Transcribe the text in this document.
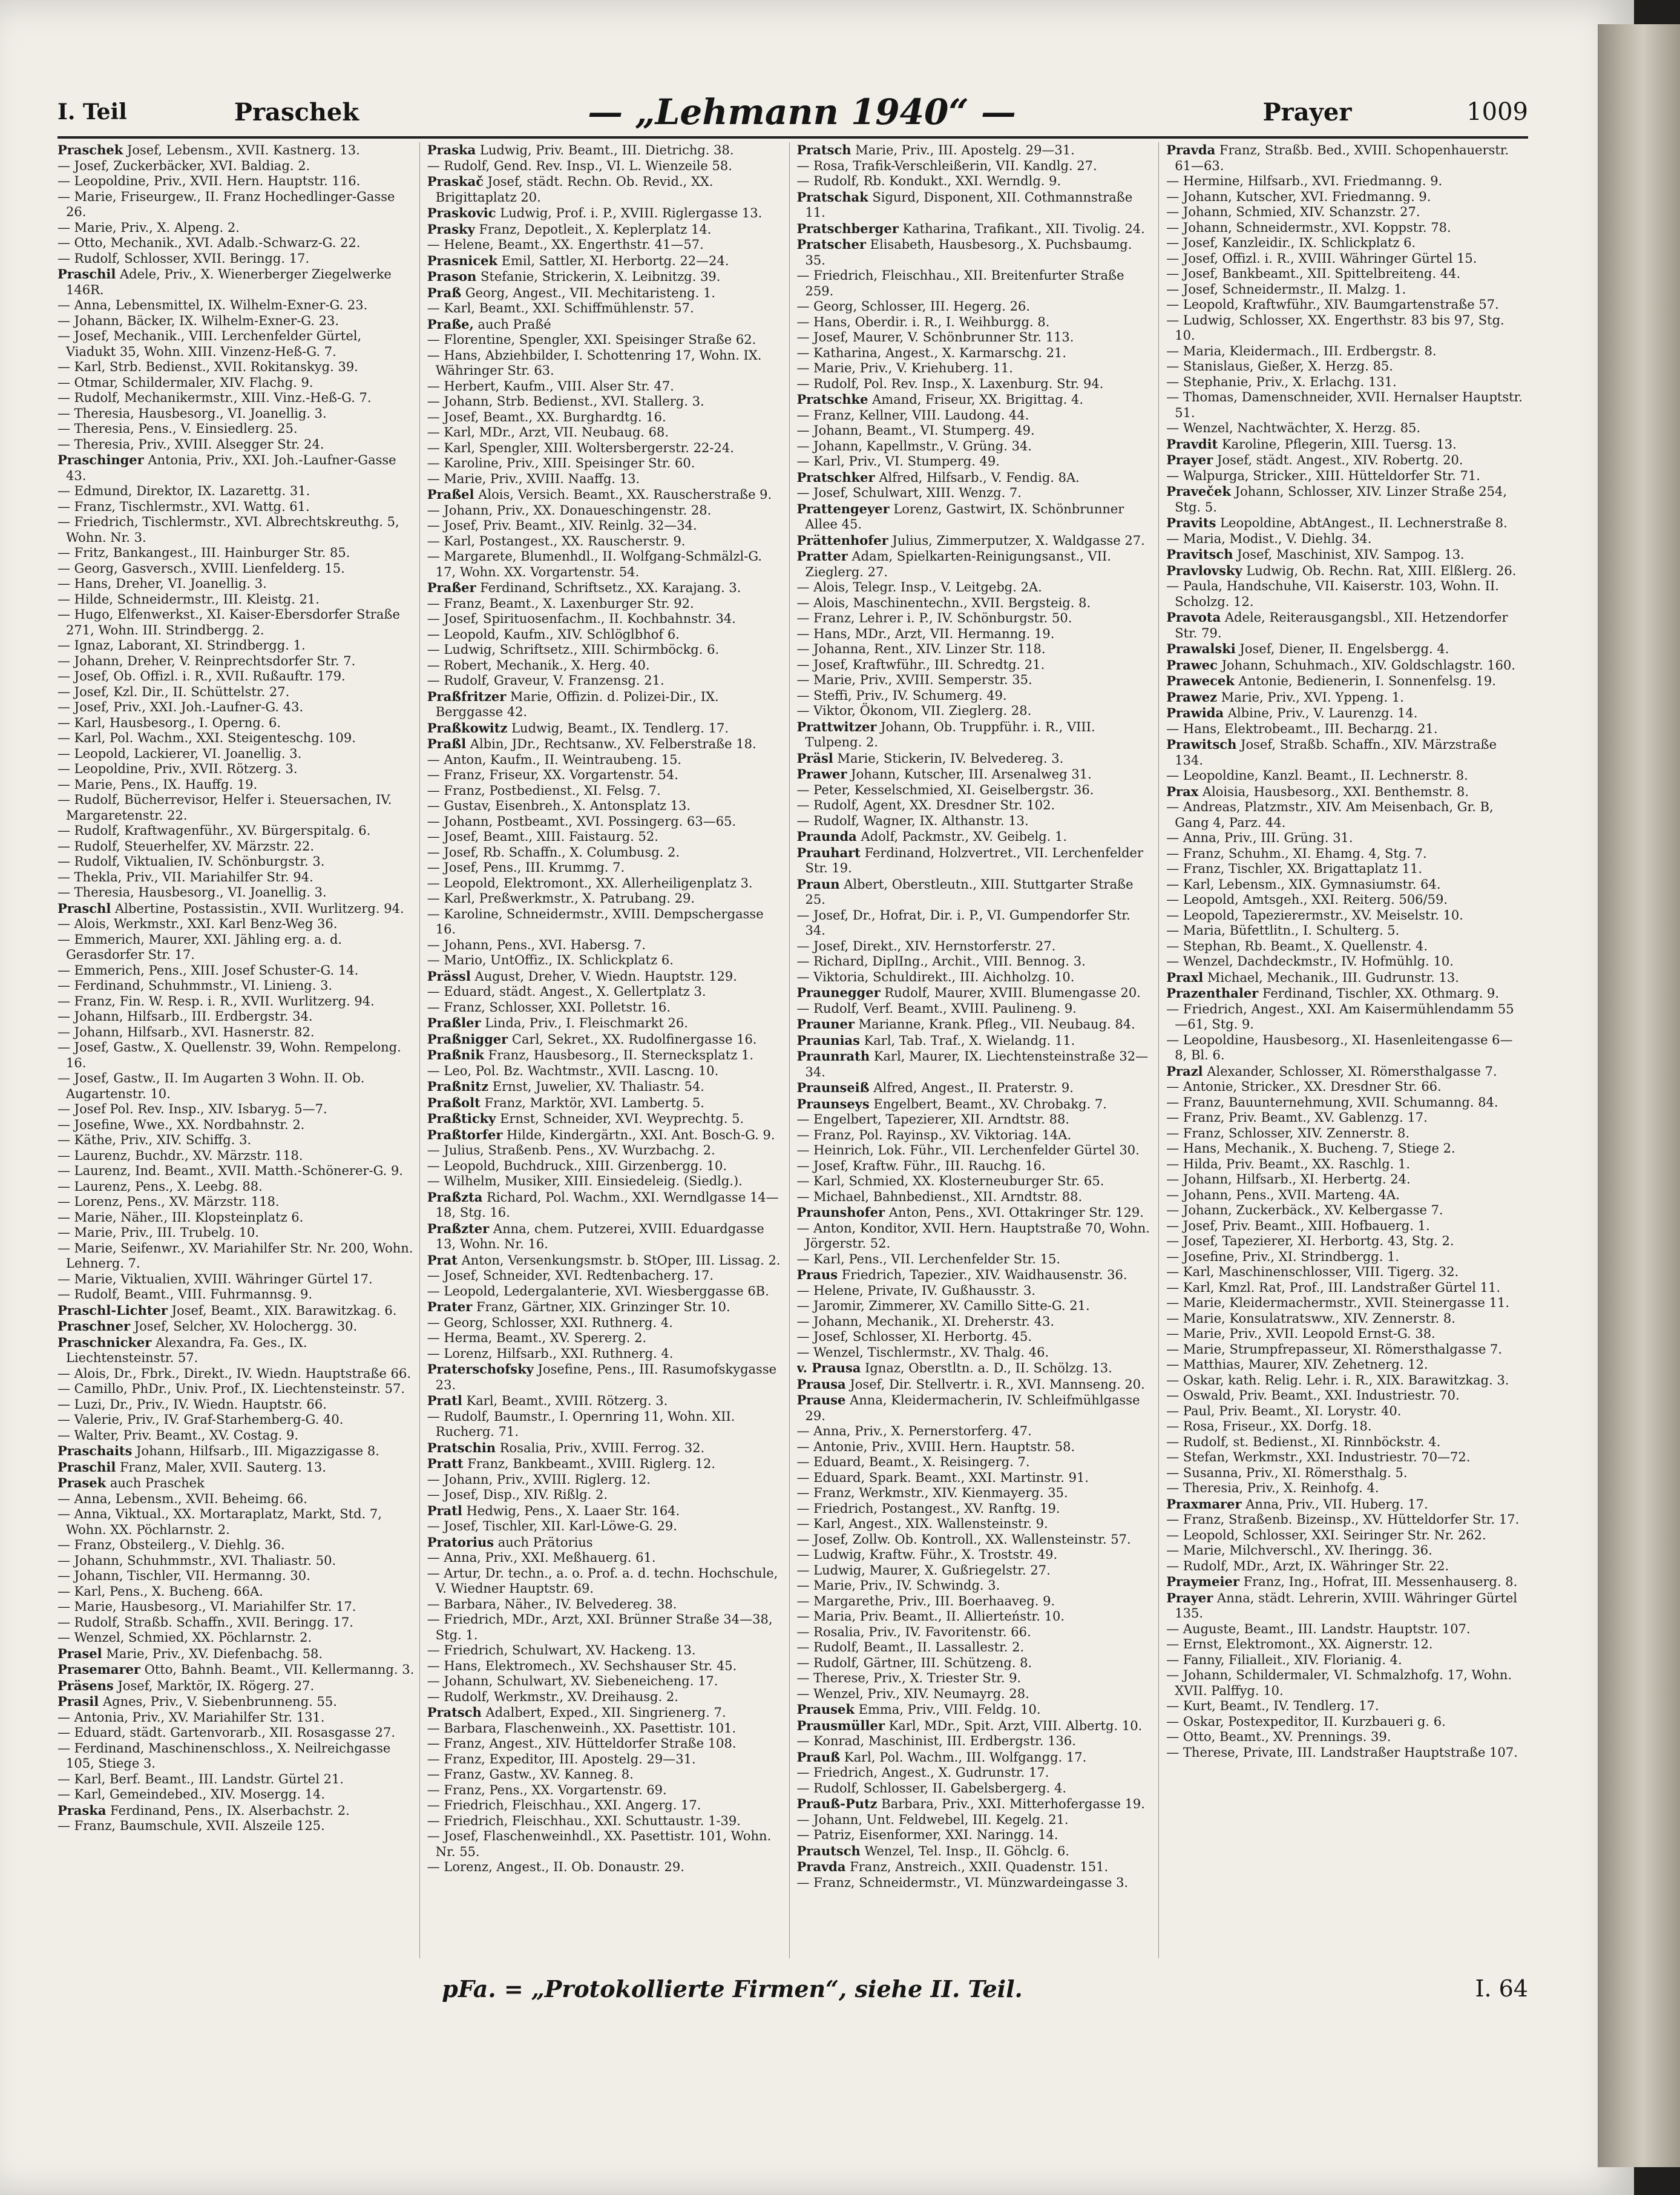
I. Teil	Praschek	— „Lehmann 1940“ —	Prayer	1009
Praschek Josef, Lebensm., XVII. Kastnerg. 13.
— Josef, Zuckerbäcker, XVI. Baldiag. 2.
— Leopoldine, Priv., XVII. Hern. Hauptstr. 116.
— Marie, Friseurgew., II. Franz Hochedlinger-Gasse 26.
— Marie, Priv., X. Alpeng. 2.
— Otto, Mechanik., XVI. Adalb.-Schwarz-G. 22.
— Rudolf, Schlosser, XVII. Beringg. 17.
Praschil Adele, Priv., X. Wienerberger Ziegelwerke 146R.
— Anna, Lebensmittel, IX. Wilhelm-Exner-G. 23.
— Johann, Bäcker, IX. Wilhelm-Exner-G. 23.
— Josef, Mechanik., VIII. Lerchenfelder Gürtel, Viadukt 35, Wohn. XIII. Vinzenz-Heß-G. 7.
— Karl, Strb. Bedienst., XVII. Rokitanskyg. 39.
— Otmar, Schildermaler, XIV. Flachg. 9.
— Rudolf, Mechanikermstr., XIII. Vinz.-Heß-G. 7.
— Theresia, Hausbesorg., VI. Joanellig. 3.
— Theresia, Pens., V. Einsiedlerg. 25.
— Theresia, Priv., XVIII. Alsegger Str. 24.
Praschinger Antonia, Priv., XXI. Joh.-Laufner-Gasse 43.
— Edmund, Direktor, IX. Lazarettg. 31.
— Franz, Tischlermstr., XVI. Wattg. 61.
— Friedrich, Tischlermstr., XVI. Albrechtskreuthg. 5, Wohn. Nr. 3.
— Fritz, Bankangest., III. Hainburger Str. 85.
— Georg, Gasversch., XVIII. Lienfelderg. 15.
— Hans, Dreher, VI. Joanellig. 3.
— Hilde, Schneidermstr., III. Kleistg. 21.
— Hugo, Elfenwerkst., XI. Kaiser-Ebersdorfer Straße 271, Wohn. III. Strindbergg. 2.
— Ignaz, Laborant, XI. Strindbergg. 1.
— Johann, Dreher, V. Reinprechtsdorfer Str. 7.
— Josef, Ob. Offizl. i. R., XVII. Rußauftr. 179.
— Josef, Kzl. Dir., II. Schüttelstr. 27.
— Josef, Priv., XXI. Joh.-Laufner-G. 43.
— Karl, Hausbesorg., I. Operng. 6.
— Karl, Pol. Wachm., XXI. Steigenteschg. 109.
— Leopold, Lackierer, VI. Joanellig. 3.
— Leopoldine, Priv., XVII. Rötzerg. 3.
— Marie, Pens., IX. Hauffg. 19.
— Rudolf, Bücherrevisor, Helfer i. Steuersachen, IV. Margaretenstr. 22.
— Rudolf, Kraftwagenführ., XV. Bürgerspitalg. 6.
— Rudolf, Steuerhelfer, XV. Märzstr. 22.
— Rudolf, Viktualien, IV. Schönburgstr. 3.
— Thekla, Priv., VII. Mariahilfer Str. 94.
— Theresia, Hausbesorg., VI. Joanellig. 3.
Praschl Albertine, Postassistin., XVII. Wurlitzerg. 94.
— Alois, Werkmstr., XXI. Karl Benz-Weg 36.
— Emmerich, Maurer, XXI. Jähling erg. a. d. Gerasdorfer Str. 17.
— Emmerich, Pens., XIII. Josef Schuster-G. 14.
— Ferdinand, Schuhmmstr., VI. Linieng. 3.
— Franz, Fin. W. Resp. i. R., XVII. Wurlitzerg. 94.
— Johann, Hilfsarb., III. Erdbergstr. 34.
— Johann, Hilfsarb., XVI. Hasnerstr. 82.
— Josef, Gastw., X. Quellenstr. 39, Wohn. Rempelong. 16.
— Josef, Gastw., II. Im Augarten 3 Wohn. II. Ob. Augartenstr. 10.
— Josef Pol. Rev. Insp., XIV. Isbaryg. 5—7.
— Josefine, Wwe., XX. Nordbahnstr. 2.
— Käthe, Priv., XIV. Schiffg. 3.
— Laurenz, Buchdr., XV. Märzstr. 118.
— Laurenz, Ind. Beamt., XVII. Matth.-Schönerer-G. 9.
— Laurenz, Pens., X. Leebg. 88.
— Lorenz, Pens., XV. Märzstr. 118.
— Marie, Näher., III. Klopsteinplatz 6.
— Marie, Priv., III. Trubelg. 10.
— Marie, Seifenwr., XV. Mariahilfer Str. Nr. 200, Wohn. Lehnerg. 7.
— Marie, Viktualien, XVIII. Währinger Gürtel 17.
— Rudolf, Beamt., VIII. Fuhrmannsg. 9.
Praschl-Lichter Josef, Beamt., XIX. Barawitzkag. 6.
Praschner Josef, Selcher, XV. Holochergg. 30.
Praschnicker Alexandra, Fa. Ges., IX. Liechtensteinstr. 57.
— Alois, Dr., Fbrk., Direkt., IV. Wiedn. Hauptstraße 66.
— Camillo, PhDr., Univ. Prof., IX. Liechtensteinstr. 57.
— Luzi, Dr., Priv., IV. Wiedn. Hauptstr. 66.
— Valerie, Priv., IV. Graf-Starhemberg-G. 40.
— Walter, Priv. Beamt., XV. Costag. 9.
Praschaits Johann, Hilfsarb., III. Migazzigasse 8.
Praschil Franz, Maler, XVII. Sauterg. 13.
Prasek auch Praschek
— Anna, Lebensm., XVII. Beheimg. 66.
— Anna, Viktual., XX. Mortaraplatz, Markt, Std. 7, Wohn. XX. Pöchlarnstr. 2.
— Franz, Obsteilerg., V. Diehlg. 36.
— Johann, Schuhmmstr., XVI. Thaliastr. 50.
— Johann, Tischler, VII. Hermanng. 30.
— Karl, Pens., X. Bucheng. 66A.
— Marie, Hausbesorg., VI. Mariahilfer Str. 17.
— Rudolf, Straßb. Schaffn., XVII. Beringg. 17.
— Wenzel, Schmied, XX. Pöchlarnstr. 2.
Prasel Marie, Priv., XV. Diefenbachg. 58.
Prasemarer Otto, Bahnh. Beamt., VII. Kellermanng. 3.
Präsens Josef, Marktör, IX. Rögerg. 27.
Prasil Agnes, Priv., V. Siebenbrunneng. 55.
— Antonia, Priv., XV. Mariahilfer Str. 131.
— Eduard, städt. Gartenvorarb., XII. Rosasgasse 27.
— Ferdinand, Maschinenschloss., X. Neilreichgasse 105, Stiege 3.
— Karl, Berf. Beamt., III. Landstr. Gürtel 21.
— Karl, Gemeindebed., XIV. Mosergg. 14.
Praska Ferdinand, Pens., IX. Alserbachstr. 2.
— Franz, Baumschule, XVII. Alszeile 125.
Praska Ludwig, Priv. Beamt., III. Dietrichg. 38.
— Rudolf, Gend. Rev. Insp., VI. L. Wienzeile 58.
Praskač Josef, städt. Rechn. Ob. Revid., XX. Brigittaplatz 20.
Praskovic Ludwig, Prof. i. P., XVIII. Riglergasse 13.
Prasky Franz, Depotleit., X. Keplerplatz 14.
— Helene, Beamt., XX. Engerthstr. 41—57.
Prasnicek Emil, Sattler, XI. Herbortg. 22—24.
Prason Stefanie, Strickerin, X. Leibnitzg. 39.
Praß Georg, Angest., VII. Mechitaristeng. 1.
— Karl, Beamt., XXI. Schiffmühlenstr. 57.
Praße, auch Praßé
— Florentine, Spengler, XXI. Speisinger Straße 62.
— Hans, Abziehbilder, I. Schottenring 17, Wohn. IX. Währinger Str. 63.
— Herbert, Kaufm., VIII. Alser Str. 47.
— Johann, Strb. Bedienst., XVI. Stallerg. 3.
— Josef, Beamt., XX. Burghardtg. 16.
— Karl, MDr., Arzt, VII. Neubaug. 68.
— Karl, Spengler, XIII. Woltersbergerstr. 22-24.
— Karoline, Priv., XIII. Speisinger Str. 60.
— Marie, Priv., XVIII. Naaffg. 13.
Praßel Alois, Versich. Beamt., XX. Rauscherstraße 9.
— Johann, Priv., XX. Donaueschingenstr. 28.
— Josef, Priv. Beamt., XIV. Reinlg. 32—34.
— Karl, Postangest., XX. Rauscherstr. 9.
— Margarete, Blumenhdl., II. Wolfgang-Schmälzl-G. 17, Wohn. XX. Vorgartenstr. 54.
Praßer Ferdinand, Schriftsetz., XX. Karajang. 3.
— Franz, Beamt., X. Laxenburger Str. 92.
— Josef, Spirituosenfachm., II. Kochbahnstr. 34.
— Leopold, Kaufm., XIV. Schlöglbhof 6.
— Ludwig, Schriftsetz., XIII. Schirmböckg. 6.
— Robert, Mechanik., X. Herg. 40.
— Rudolf, Graveur, V. Franzensg. 21.
Praßfritzer Marie, Offizin. d. Polizei-Dir., IX. Berggasse 42.
Praßkowitz Ludwig, Beamt., IX. Tendlerg. 17.
Praßl Albin, JDr., Rechtsanw., XV. Felberstraße 18.
— Anton, Kaufm., II. Weintraubeng. 15.
— Franz, Friseur, XX. Vorgartenstr. 54.
— Franz, Postbedienst., XI. Felsg. 7.
— Gustav, Eisenbreh., X. Antonsplatz 13.
— Johann, Postbeamt., XVI. Possingerg. 63—65.
— Josef, Beamt., XIII. Faistaurg. 52.
— Josef, Rb. Schaffn., X. Columbusg. 2.
— Josef, Pens., III. Krummg. 7.
— Leopold, Elektromont., XX. Allerheiligenplatz 3.
— Karl, Preßwerkmstr., X. Patrubang. 29.
— Karoline, Schneidermstr., XVIII. Dempschergasse 16.
— Johann, Pens., XVI. Habersg. 7.
— Mario, UntOffiz., IX. Schlickplatz 6.
Prässl August, Dreher, V. Wiedn. Hauptstr. 129.
— Eduard, städt. Angest., X. Gellertplatz 3.
— Franz, Schlosser, XXI. Polletstr. 16.
Praßler Linda, Priv., I. Fleischmarkt 26.
Praßnigger Carl, Sekret., XX. Rudolfinergasse 16.
Praßnik Franz, Hausbesorg., II. Sternecksplatz 1.
— Leo, Pol. Bz. Wachtmstr., XVII. Lascng. 10.
Praßnitz Ernst, Juwelier, XV. Thaliastr. 54.
Praßolt Franz, Marktör, XVI. Lambertg. 5.
Praßticky Ernst, Schneider, XVI. Weyprechtg. 5.
Praßtorfer Hilde, Kindergärtn., XXI. Ant. Bosch-G. 9.
— Julius, Straßenb. Pens., XV. Wurzbachg. 2.
— Leopold, Buchdruck., XIII. Girzenbergg. 10.
— Wilhelm, Musiker, XIII. Einsiedeleig. (Siedlg.).
Praßzta Richard, Pol. Wachm., XXI. Werndlgasse 14—18, Stg. 16.
Praßzter Anna, chem. Putzerei, XVIII. Eduardgasse 13, Wohn. Nr. 16.
Prat Anton, Versenkungsmstr. b. StOper, III. Lissag. 2.
— Josef, Schneider, XVI. Redtenbacherg. 17.
— Leopold, Ledergalanterie, XVI. Wiesberggasse 6B.
Prater Franz, Gärtner, XIX. Grinzinger Str. 10.
— Georg, Schlosser, XXI. Ruthnerg. 4.
— Herma, Beamt., XV. Spererg. 2.
— Lorenz, Hilfsarb., XXI. Ruthnerg. 4.
Praterschofsky Josefine, Pens., III. Rasumofskygasse 23.
Pratl Karl, Beamt., XVIII. Rötzerg. 3.
— Rudolf, Baumstr., I. Opernring 11, Wohn. XII. Rucherg. 71.
Pratschin Rosalia, Priv., XVIII. Ferrog. 32.
Pratt Franz, Bankbeamt., XVIII. Riglerg. 12.
— Johann, Priv., XVIII. Riglerg. 12.
— Josef, Disp., XIV. Rißlg. 2.
Pratl Hedwig, Pens., X. Laaer Str. 164.
— Josef, Tischler, XII. Karl-Löwe-G. 29.
Pratorius auch Prätorius
— Anna, Priv., XXI. Meßhauerg. 61.
— Artur, Dr. techn., a. o. Prof. a. d. techn. Hochschule, V. Wiedner Hauptstr. 69.
— Barbara, Näher., IV. Belvedereg. 38.
— Friedrich, MDr., Arzt, XXI. Brünner Straße 34—38, Stg. 1.
— Friedrich, Schulwart, XV. Hackeng. 13.
— Hans, Elektromech., XV. Sechshauser Str. 45.
— Johann, Schulwart, XV. Siebeneicheng. 17.
— Rudolf, Werkmstr., XV. Dreihausg. 2.
Pratsch Adalbert, Exped., XII. Singrienerg. 7.
— Barbara, Flaschenweinh., XX. Pasettistr. 101.
— Franz, Angest., XIV. Hütteldorfer Straße 108.
— Franz, Expeditor, III. Apostelg. 29—31.
— Franz, Gastw., XV. Kanneg. 8.
— Franz, Pens., XX. Vorgartenstr. 69.
— Friedrich, Fleischhau., XXI. Angerg. 17.
— Friedrich, Fleischhau., XXI. Schuttaustr. 1-39.
— Josef, Flaschenweinhdl., XX. Pasettistr. 101, Wohn. Nr. 55.
— Lorenz, Angest., II. Ob. Donaustr. 29.
Pratsch Marie, Priv., III. Apostelg. 29—31.
— Rosa, Trafik-Verschleißerin, VII. Kandlg. 27.
— Rudolf, Rb. Kondukt., XXI. Werndlg. 9.
Pratschak Sigurd, Disponent, XII. Cothmannstraße 11.
Pratschberger Katharina, Trafikant., XII. Tivolig. 24.
Pratscher Elisabeth, Hausbesorg., X. Puchsbaumg. 35.
— Friedrich, Fleischhau., XII. Breitenfurter Straße 259.
— Georg, Schlosser, III. Hegerg. 26.
— Hans, Oberdir. i. R., I. Weihburgg. 8.
— Josef, Maurer, V. Schönbrunner Str. 113.
— Katharina, Angest., X. Karmarschg. 21.
— Marie, Priv., V. Kriehuberg. 11.
— Rudolf, Pol. Rev. Insp., X. Laxenburg. Str. 94.
Pratschke Amand, Friseur, XX. Brigittag. 4.
— Franz, Kellner, VIII. Laudong. 44.
— Johann, Beamt., VI. Stumperg. 49.
— Johann, Kapellmstr., V. Grüng. 34.
— Karl, Priv., VI. Stumperg. 49.
Pratschker Alfred, Hilfsarb., V. Fendig. 8A.
— Josef, Schulwart, XIII. Wenzg. 7.
Prattengeyer Lorenz, Gastwirt, IX. Schönbrunner Allee 45.
Prättenhofer Julius, Zimmerputzer, X. Waldgasse 27.
Pratter Adam, Spielkarten-Reinigungsanst., VII. Zieglerg. 27.
— Alois, Telegr. Insp., V. Leitgebg. 2A.
— Alois, Maschinentechn., XVII. Bergsteig. 8.
— Franz, Lehrer i. P., IV. Schönburgstr. 50.
— Hans, MDr., Arzt, VII. Hermanng. 19.
— Johanna, Rent., XIV. Linzer Str. 118.
— Josef, Kraftwführ., III. Schredtg. 21.
— Marie, Priv., XVIII. Semperstr. 35.
— Steffi, Priv., IV. Schumerg. 49.
— Viktor, Ökonom, VII. Zieglerg. 28.
Prattwitzer Johann, Ob. Truppführ. i. R., VIII. Tulpeng. 2.
Präsl Marie, Stickerin, IV. Belvedereg. 3.
Prawer Johann, Kutscher, III. Arsenalweg 31.
— Peter, Kesselschmied, XI. Geiselbergstr. 36.
— Rudolf, Agent, XX. Dresdner Str. 102.
— Rudolf, Wagner, IX. Althanstr. 13.
Praunda Adolf, Packmstr., XV. Geibelg. 1.
Prauhart Ferdinand, Holzvertret., VII. Lerchenfelder Str. 19.
Praun Albert, Oberstleutn., XIII. Stuttgarter Straße 25.
— Josef, Dr., Hofrat, Dir. i. P., VI. Gumpendorfer Str. 34.
— Josef, Direkt., XIV. Hernstorferstr. 27.
— Richard, DiplIng., Archit., VIII. Bennog. 3.
— Viktoria, Schuldirekt., III. Aichholzg. 10.
Praunegger Rudolf, Maurer, XVIII. Blumengasse 20.
— Rudolf, Verf. Beamt., XVIII. Paulineng. 9.
Prauner Marianne, Krank. Pfleg., VII. Neubaug. 84.
Praunias Karl, Tab. Traf., X. Wielandg. 11.
Praunrath Karl, Maurer, IX. Liechtensteinstraße 32—34.
Praunseiß Alfred, Angest., II. Praterstr. 9.
Praunseys Engelbert, Beamt., XV. Chrobakg. 7.
— Engelbert, Tapezierer, XII. Arndtstr. 88.
— Franz, Pol. Rayinsp., XV. Viktoriag. 14A.
— Heinrich, Lok. Führ., VII. Lerchenfelder Gürtel 30.
— Josef, Kraftw. Führ., III. Rauchg. 16.
— Karl, Schmied, XX. Klosterneuburger Str. 65.
— Michael, Bahnbedienst., XII. Arndtstr. 88.
Praunshofer Anton, Pens., XVI. Ottakringer Str. 129.
— Anton, Konditor, XVII. Hern. Hauptstraße 70, Wohn. Jörgerstr. 52.
— Karl, Pens., VII. Lerchenfelder Str. 15.
Praus Friedrich, Tapezier., XIV. Waidhausenstr. 36.
— Helene, Private, IV. Gußhausstr. 3.
— Jaromir, Zimmerer, XV. Camillo Sitte-G. 21.
— Johann, Mechanik., XI. Dreherstr. 43.
— Josef, Schlosser, XI. Herbortg. 45.
— Wenzel, Tischlermstr., XV. Thalg. 46.
v. Prausa Ignaz, Oberstltn. a. D., II. Schölzg. 13.
Prausa Josef, Dir. Stellvertr. i. R., XVI. Mannseng. 20.
Prause Anna, Kleidermacherin, IV. Schleifmühlgasse 29.
— Anna, Priv., X. Pernerstorferg. 47.
— Antonie, Priv., XVIII. Hern. Hauptstr. 58.
— Eduard, Beamt., X. Reisingerg. 7.
— Eduard, Spark. Beamt., XXI. Martinstr. 91.
— Franz, Werkmstr., XIV. Kienmayerg. 35.
— Friedrich, Postangest., XV. Ranftg. 19.
— Karl, Angest., XIX. Wallensteinstr. 9.
— Josef, Zollw. Ob. Kontroll., XX. Wallensteinstr. 57.
— Ludwig, Kraftw. Führ., X. Troststr. 49.
— Ludwig, Maurer, X. Gußriegelstr. 27.
— Marie, Priv., IV. Schwindg. 3.
— Margarethe, Priv., III. Boerhaaveg. 9.
— Maria, Priv. Beamt., II. Allierteństr. 10.
— Rosalia, Priv., IV. Favoritenstr. 66.
— Rudolf, Beamt., II. Lassallestr. 2.
— Rudolf, Gärtner, III. Schützeng. 8.
— Therese, Priv., X. Triester Str. 9.
— Wenzel, Priv., XIV. Neumayrg. 28.
Prausek Emma, Priv., VIII. Feldg. 10.
Prausmüller Karl, MDr., Spit. Arzt, VIII. Albertg. 10.
— Konrad, Maschinist, III. Erdbergstr. 136.
Prauß Karl, Pol. Wachm., III. Wolfgangg. 17.
— Friedrich, Angest., X. Gudrunstr. 17.
— Rudolf, Schlosser, II. Gabelsbergerg. 4.
Prauß-Putz Barbara, Priv., XXI. Mitterhofergasse 19.
— Johann, Unt. Feldwebel, III. Kegelg. 21.
— Patriz, Eisenformer, XXI. Naringg. 14.
Prautsch Wenzel, Tel. Insp., II. Göhclg. 6.
Pravda Franz, Anstreich., XXII. Quadenstr. 151.
— Franz, Schneidermstr., VI. Münzwardeingasse 3.
Pravda Franz, Straßb. Bed., XVIII. Schopenhauerstr. 61—63.
— Hermine, Hilfsarb., XVI. Friedmanng. 9.
— Johann, Kutscher, XVI. Friedmanng. 9.
— Johann, Schmied, XIV. Schanzstr. 27.
— Johann, Schneidermstr., XVI. Koppstr. 78.
— Josef, Kanzleidir., IX. Schlickplatz 6.
— Josef, Offizl. i. R., XVIII. Währinger Gürtel 15.
— Josef, Bankbeamt., XII. Spittelbreiteng. 44.
— Josef, Schneidermstr., II. Malzg. 1.
— Leopold, Kraftwführ., XIV. Baumgartenstraße 57.
— Ludwig, Schlosser, XX. Engerthstr. 83 bis 97, Stg. 10.
— Maria, Kleidermach., III. Erdbergstr. 8.
— Stanislaus, Gießer, X. Herzg. 85.
— Stephanie, Priv., X. Erlachg. 131.
— Thomas, Damenschneider, XVII. Hernalser Hauptstr. 51.
— Wenzel, Nachtwächter, X. Herzg. 85.
Pravdit Karoline, Pflegerin, XIII. Tuersg. 13.
Prayer Josef, städt. Angest., XIV. Robertg. 20.
— Walpurga, Stricker., XIII. Hütteldorfer Str. 71.
Praveček Johann, Schlosser, XIV. Linzer Straße 254, Stg. 5.
Pravits Leopoldine, AbtAngest., II. Lechnerstraße 8.
— Maria, Modist., V. Diehlg. 34.
Pravitsch Josef, Maschinist, XIV. Sampog. 13.
Pravlovsky Ludwig, Ob. Rechn. Rat, XIII. Elßlerg. 26.
— Paula, Handschuhe, VII. Kaiserstr. 103, Wohn. II. Scholzg. 12.
Pravota Adele, Reiterausgangsbl., XII. Hetzendorfer Str. 79.
Prawalski Josef, Diener, II. Engelsbergg. 4.
Prawec Johann, Schuhmach., XIV. Goldschlagstr. 160.
Prawecek Antonie, Bedienerin, I. Sonnenfelsg. 19.
Prawez Marie, Priv., XVI. Yppeng. 1.
Prawida Albine, Priv., V. Laurenzg. 14.
— Hans, Elektrobeamt., III. Becharдg. 21.
Prawitsch Josef, Straßb. Schaffn., XIV. Märzstraße 134.
— Leopoldine, Kanzl. Beamt., II. Lechnerstr. 8.
Prax Aloisia, Hausbesorg., XXI. Benthemstr. 8.
— Andreas, Platzmstr., XIV. Am Meisenbach, Gr. B, Gang 4, Parz. 44.
— Anna, Priv., III. Grüng. 31.
— Franz, Schuhm., XI. Ehamg. 4, Stg. 7.
— Franz, Tischler, XX. Brigattaplatz 11.
— Karl, Lebensm., XIX. Gymnasiumstr. 64.
— Leopold, Amtsgeh., XXI. Reiterg. 506/59.
— Leopold, Tapezierermstr., XV. Meiselstr. 10.
— Maria, Büfettlitn., I. Schulterg. 5.
— Stephan, Rb. Beamt., X. Quellenstr. 4.
— Wenzel, Dachdeckmstr., IV. Hofmühlg. 10.
Praxl Michael, Mechanik., III. Gudrunstr. 13.
Prazenthaler Ferdinand, Tischler, XX. Othmarg. 9.
— Friedrich, Angest., XXI. Am Kaisermühlendamm 55—61, Stg. 9.
— Leopoldine, Hausbesorg., XI. Hasenleitengasse 6—8, Bl. 6.
Prazl Alexander, Schlosser, XI. Römersthalgasse 7.
— Antonie, Stricker., XX. Dresdner Str. 66.
— Franz, Bauunternehmung, XVII. Schumanng. 84.
— Franz, Priv. Beamt., XV. Gablenzg. 17.
— Franz, Schlosser, XIV. Zennerstr. 8.
— Hans, Mechanik., X. Bucheng. 7, Stiege 2.
— Hilda, Priv. Beamt., XX. Raschlg. 1.
— Johann, Hilfsarb., XI. Herbertg. 24.
— Johann, Pens., XVII. Marteng. 4A.
— Johann, Zuckerbäck., XV. Kelbergasse 7.
— Josef, Priv. Beamt., XIII. Hofbauerg. 1.
— Josef, Tapezierer, XI. Herbortg. 43, Stg. 2.
— Josefine, Priv., XI. Strindbergg. 1.
— Karl, Maschinenschlosser, VIII. Tigerg. 32.
— Karl, Kmzl. Rat, Prof., III. Landstraßer Gürtel 11.
— Marie, Kleidermachermstr., XVII. Steinergasse 11.
— Marie, Konsulatratsww., XIV. Zennerstr. 8.
— Marie, Priv., XVII. Leopold Ernst-G. 38.
— Marie, Strumpfrepasseur, XI. Römersthalgasse 7.
— Matthias, Maurer, XIV. Zehetnerg. 12.
— Oskar, kath. Relig. Lehr. i. R., XIX. Barawitzkag. 3.
— Oswald, Priv. Beamt., XXI. Industriestr. 70.
— Paul, Priv. Beamt., XI. Lorystr. 40.
— Rosa, Friseur., XX. Dorfg. 18.
— Rudolf, st. Bedienst., XI. Rinnböckstr. 4.
— Stefan, Werkmstr., XXI. Industriestr. 70—72.
— Susanna, Priv., XI. Römersthalg. 5.
— Theresia, Priv., X. Reinhofg. 4.
Praxmarer Anna, Priv., VII. Huberg. 17.
— Franz, Straßenb. Bizeinsp., XV. Hütteldorfer Str. 17.
— Leopold, Schlosser, XXI. Seiringer Str. Nr. 262.
— Marie, Milchverschl., XV. Iheringg. 36.
— Rudolf, MDr., Arzt, IX. Währinger Str. 22.
Praymeier Franz, Ing., Hofrat, III. Messenhauserg. 8.
Prayer Anna, städt. Lehrerin, XVIII. Währinger Gürtel 135.
— Auguste, Beamt., III. Landstr. Hauptstr. 107.
— Ernst, Elektromont., XX. Aignerstr. 12.
— Fanny, Filialleit., XIV. Florianig. 4.
— Johann, Schildermaler, VI. Schmalzhofg. 17, Wohn. XVII. Palffyg. 10.
— Kurt, Beamt., IV. Tendlerg. 17.
— Oskar, Postexpeditor, II. Kurzbaueri g. 6.
— Otto, Beamt., XV. Prennings. 39.
— Therese, Private, III. Landstraßer Hauptstraße 107.
pFa. = „Protokollierte Firmen“, siehe II. Teil.	I. 64
